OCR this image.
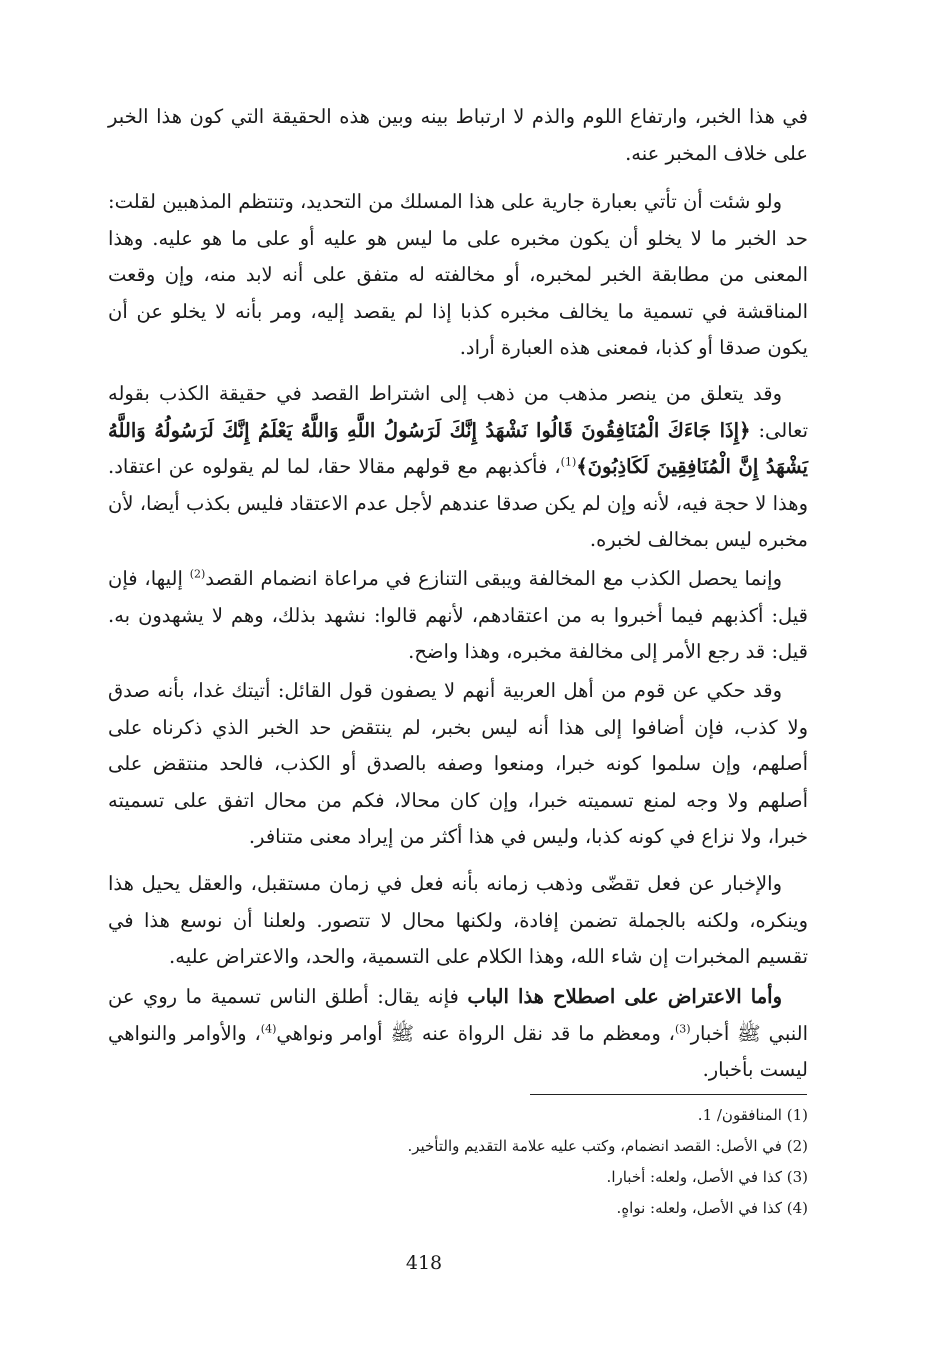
في هذا الخبر، وارتفاع اللوم والذم لا ارتباط بينه وبين هذه الحقيقة التي كون هذا الخبر على خلاف المخبر عنه.

ولو شئت أن تأتي بعبارة جارية على هذا المسلك من التحديد، وتنتظم المذهبين لقلت: حد الخبر ما لا يخلو أن يكون مخبره على ما ليس هو عليه أو على ما هو عليه. وهذا المعنى من مطابقة الخبر لمخبره، أو مخالفته له متفق على أنه لابد منه، وإن وقعت المناقشة في تسمية ما يخالف مخبره كذبا إذا لم يقصد إليه، ومر بأنه لا يخلو عن أن يكون صدقا أو كذبا، فمعنى هذه العبارة أراد.

وقد يتعلق من ينصر مذهب من ذهب إلى اشتراط القصد في حقيقة الكذب بقوله تعالى: ﴿إِذَا جَاءَكَ الْمُنَافِقُونَ قَالُوا نَشْهَدُ إِنَّكَ لَرَسُولُ اللَّهِ وَاللَّهُ يَعْلَمُ إِنَّكَ لَرَسُولُهُ وَاللَّهُ يَشْهَدُ إِنَّ الْمُنَافِقِينَ لَكَاذِبُونَ﴾$^{(1)}$، فأكذبهم مع قولهم مقالا حقا، لما لم يقولوه عن اعتقاد. وهذا لا حجة فيه، لأنه وإن لم يكن صدقا عندهم لأجل عدم الاعتقاد فليس بكذب أيضا، لأن مخبره ليس بمخالف لخبره.

وإنما يحصل الكذب مع المخالفة ويبقى التنازع في مراعاة انضمام القصد$^{(2)}$ إليها، فإن قيل: أكذبهم فيما أخبروا به من اعتقادهم، لأنهم قالوا: نشهد بذلك، وهم لا يشهدون به. قيل: قد رجع الأمر إلى مخالفة مخبره، وهذا واضح.

وقد حكي عن قوم من أهل العربية أنهم لا يصفون قول القائل: أتيتك غدا، بأنه صدق ولا كذب، فإن أضافوا إلى هذا أنه ليس بخبر، لم ينتقض حد الخبر الذي ذكرناه على أصلهم، وإن سلموا كونه خبرا، ومنعوا وصفه بالصدق أو الكذب، فالحد منتقض على أصلهم ولا وجه لمنع تسميته خبرا، وإن كان محالا، فكم من محال اتفق على تسميته خبرا، ولا نزاع في كونه كذبا، وليس في هذا أكثر من إيراد معنى متنافر.

والإخبار عن فعل تقضّى وذهب زمانه بأنه فعل في زمان مستقبل، والعقل يحيل هذا وينكره، ولكنه بالجملة تضمن إفادة، ولكنها محال لا تتصور. ولعلنا أن نوسع هذا في تقسيم المخبرات إن شاء الله، وهذا الكلام على التسمية، والحد، والاعتراض عليه.

وأما الاعتراض على اصطلاح هذا الباب فإنه يقال: أطلق الناس تسمية ما روي عن النبي ﷺ أخبار$^{(3)}$، ومعظم ما قد نقل الرواة عنه ﷺ أوامر ونواهي$^{(4)}$، والأوامر والنواهي ليست بأخبار.

(1) المنافقون/ 1.

(2) في الأصل: القصد انضمام، وكتب عليه علامة التقديم والتأخير.

(3) كذا في الأصل، ولعله: أخبارا.

(4) كذا في الأصل، ولعله: نواهٍ.

418
